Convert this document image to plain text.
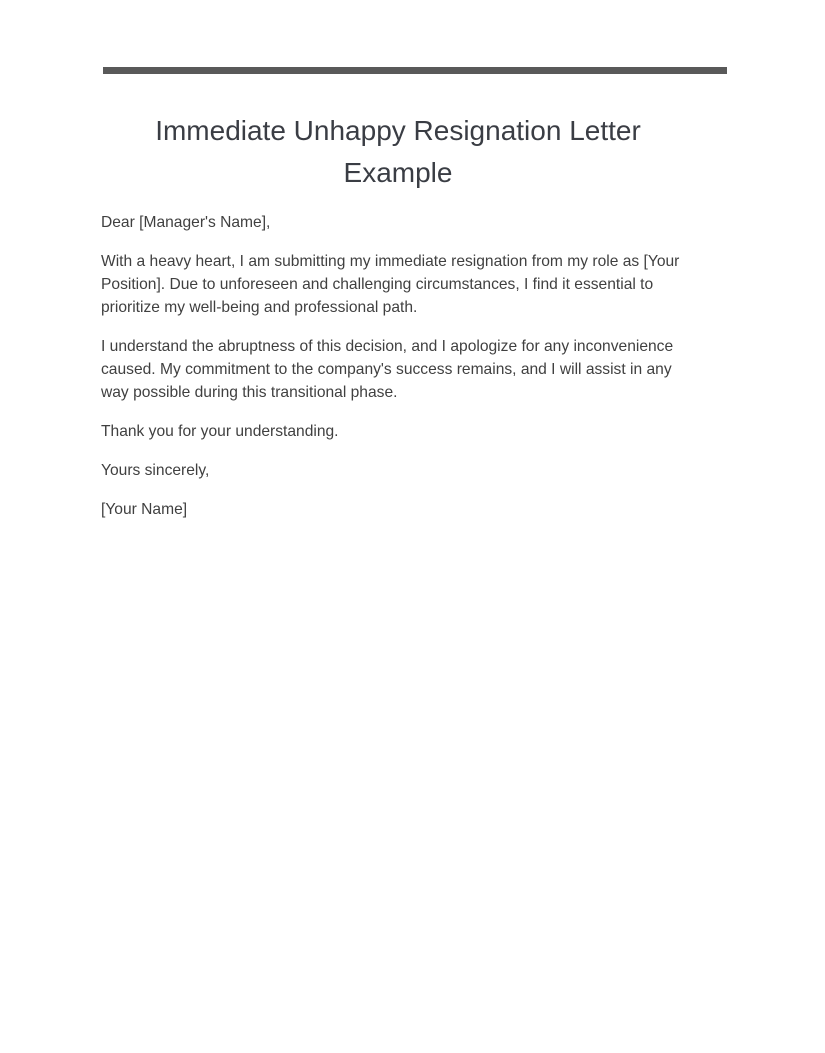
Immediate Unhappy Resignation Letter Example

Dear [Manager's Name],

With a heavy heart, I am submitting my immediate resignation from my role as [Your Position]. Due to unforeseen and challenging circumstances, I find it essential to prioritize my well-being and professional path.

I understand the abruptness of this decision, and I apologize for any inconvenience caused. My commitment to the company's success remains, and I will assist in any way possible during this transitional phase.

Thank you for your understanding.

Yours sincerely,

[Your Name]
